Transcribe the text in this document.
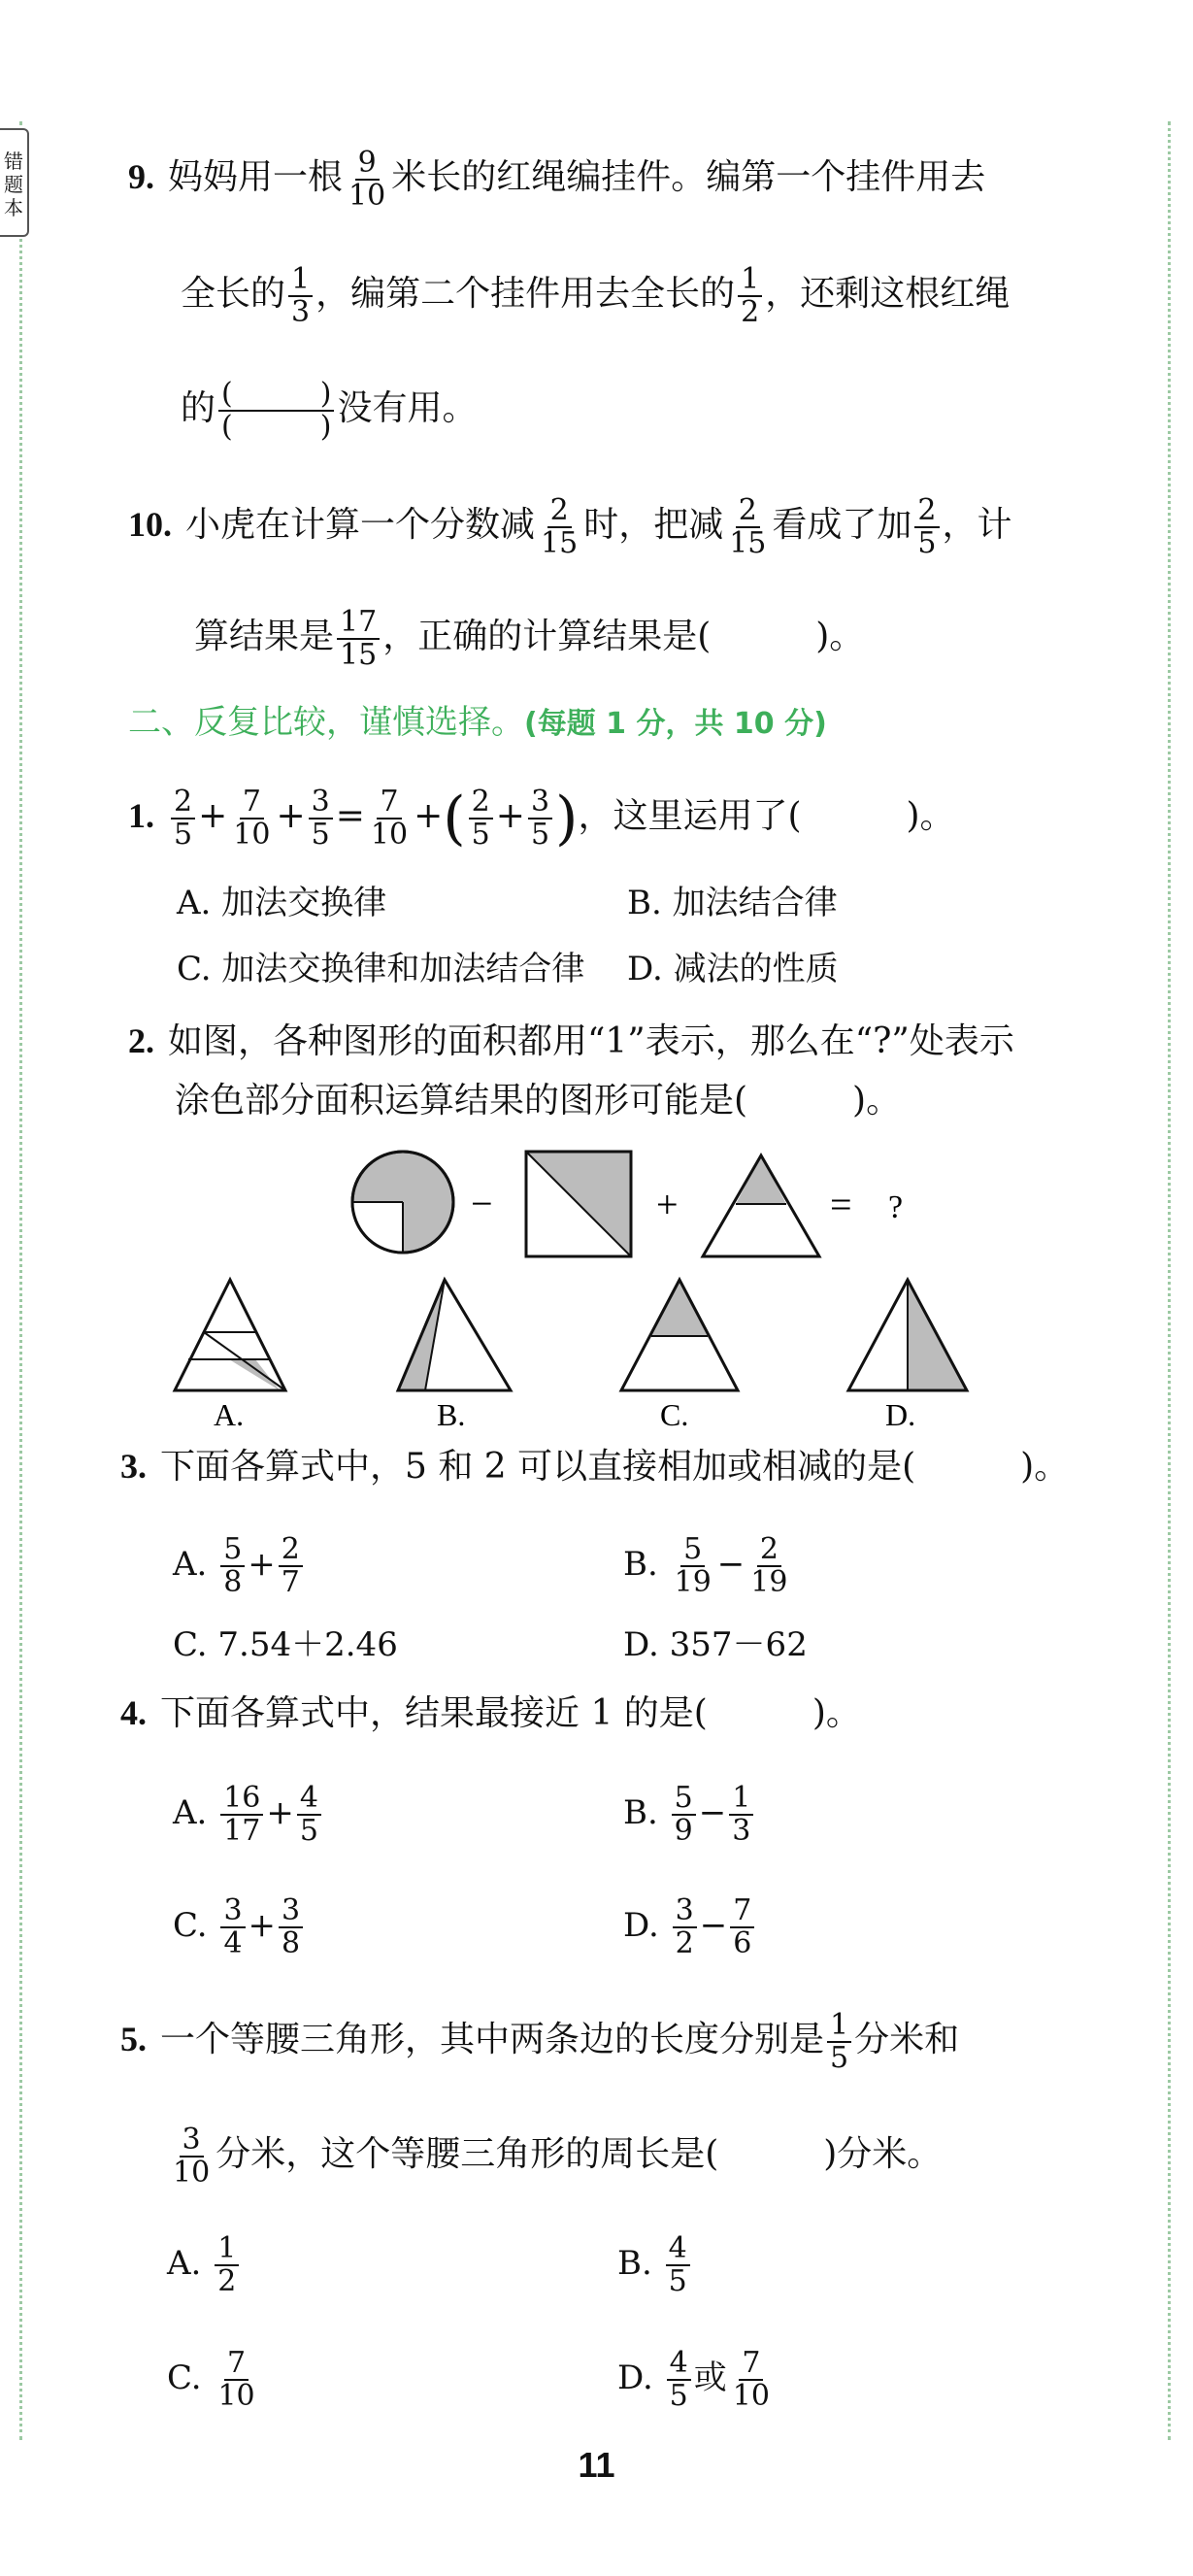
错题本
9. 妈妈用一根 $\frac{9}{10}$ 米长的红绳编挂件。编第一个挂件用去
全长的 $\frac{1}{3}$ ，编第二个挂件用去全长的 $\frac{1}{2}$ ，还剩这根红绳
的 $\frac{( )}{( )}$ 没有用。
10. 小虎在计算一个分数减 $\frac{2}{15}$ 时，把减 $\frac{2}{15}$ 看成了加 $\frac{2}{5}$ ，计
算结果是 $\frac{17}{15}$ ，正确的计算结果是(　　　)。
二、反复比较，谨慎选择。(每题 1 分，共 10 分)
1. $\frac{2}{5} + \frac{7}{10} + \frac{3}{5} = \frac{7}{10}$ +( $\frac{2}{5} + \frac{3}{5}$ )，这里运用了(　　　)。
A. 加法交换律	B. 加法结合律
C. 加法交换律和加法结合律 D. 减法的性质
2. 如图，各种图形的面积都用“1”表示，那么在“?”处表示
涂色部分面积运算结果的图形可能是(　　　)。
−	+	= ?
A.	B.	C.	D.
3. 下面各算式中，5 和 2 可以直接相加或相减的是(　　　)。
A. $\frac{5}{8} + \frac{2}{7}$	B. $\frac{5}{19} - \frac{2}{19}$
C. 7.54＋2.46	D. 357－62
4. 下面各算式中，结果最接近 1 的是(　　　)。
A. $\frac{16}{17} + \frac{4}{5}$	B. $\frac{5}{9} - \frac{1}{3}$
C. $\frac{3}{4} + \frac{3}{8}$	D. $\frac{3}{2} - \frac{7}{6}$
5. 一个等腰三角形，其中两条边的长度分别是 $\frac{1}{5}$ 分米和
$\frac{3}{10}$ 分米，这个等腰三角形的周长是(　　　)分米。
A. $\frac{1}{2}$	B. $\frac{4}{5}$
C. $\frac{7}{10}$	D. $\frac{4}{5}$ 或 $\frac{7}{10}$
11
